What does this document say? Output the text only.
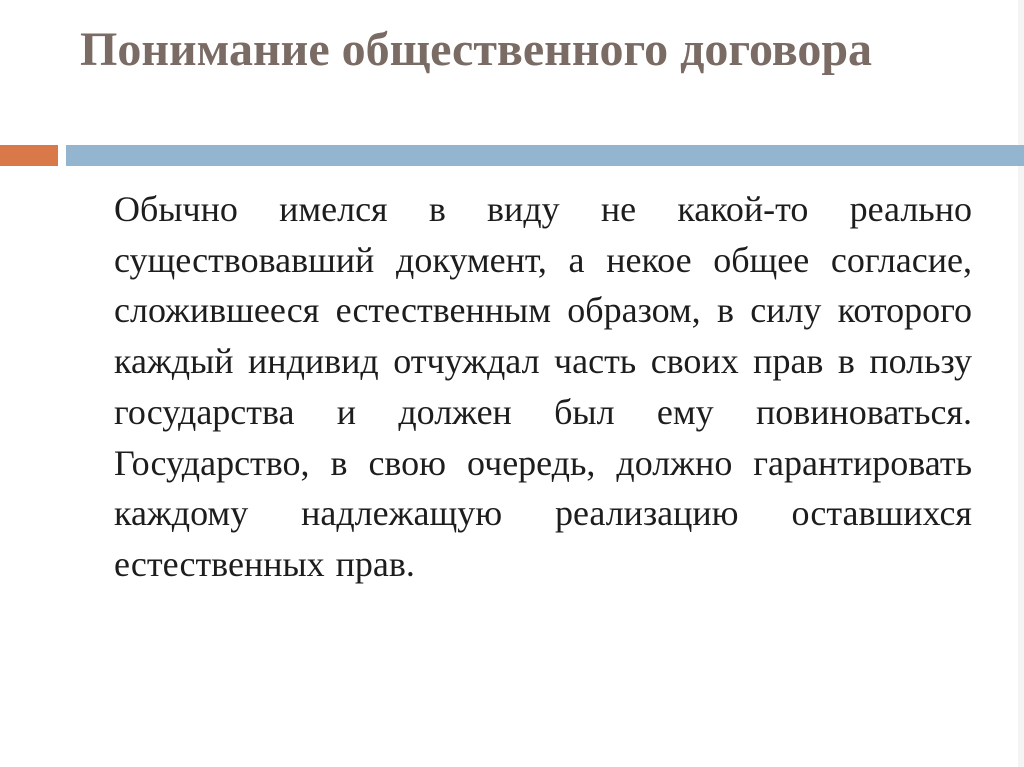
Понимание общественного договора

Обычно имелся в виду не какой-то реально существовавший документ, а некое общее согласие, сложившееся естественным образом, в силу которого каждый индивид отчуждал часть своих прав в пользу государства и должен был ему повиноваться. Государство, в свою очередь, должно гарантировать каждому надлежащую реализацию оставшихся естественных прав.
